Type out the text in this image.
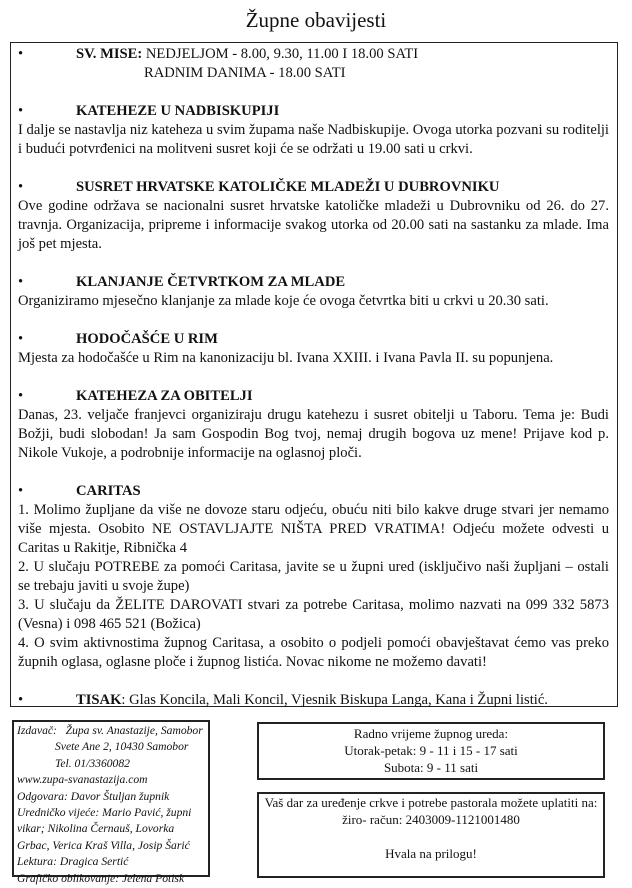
Župne obavijesti
•	SV. MISE: NEDJELJOM - 8.00, 9.30, 11.00 I 18.00 SATI
RADNIM DANIMA - 18.00 SATI
•	KATEHEZE U NADBISKUPIJI
I dalje se nastavlja niz kateheza u svim župama naše Nadbiskupije. Ovoga utorka pozvani su roditelji i budući potvrđenici na molitveni susret koji će se održati u 19.00 sati u crkvi.
•	SUSRET HRVATSKE KATOLIČKE MLADEŽI U DUBROVNIKU
Ove godine održava se nacionalni susret hrvatske katoličke mladeži u Dubrovniku od 26. do 27. travnja. Organizacija, pripreme i informacije svakog utorka od 20.00 sati na sastanku za mlade. Ima još pet mjesta.
•	KLANJANJE ČETVRTKOM ZA MLADE
Organiziramo mjesečno klanjanje za mlade koje će ovoga četvrtka biti u crkvi u 20.30 sati.
•	HODOČAŠĆE U RIM
Mjesta za hodočašće u Rim na kanonizaciju bl. Ivana XXIII. i Ivana Pavla II. su popunjena.
•	KATEHEZA ZA OBITELJI
Danas, 23. veljače franjevci organiziraju drugu katehezu i susret obitelji u Taboru. Tema je: Budi Božji, budi slobodan! Ja sam Gospodin Bog tvoj, nemaj drugih bogova uz mene! Prijave kod p. Nikole Vukoje, a podrobnije informacije na oglasnoj ploči.
•	CARITAS
1. Molimo župljane da više ne dovoze staru odjeću, obuću niti bilo kakve druge stvari jer nemamo više mjesta. Osobito NE OSTAVLJAJTE NIŠTA PRED VRATIMA! Odjeću možete odvesti u Caritas u Rakitje, Ribnička 4
2. U slučaju POTREBE za pomoći Caritasa, javite se u župni ured (isključivo naši župljani – ostali se trebaju javiti u svoje župe)
3. U slučaju da ŽELITE DAROVATI stvari za potrebe Caritasa, molimo nazvati na 099 332 5873 (Vesna) i 098 465 521 (Božica)
4. O svim aktivnostima župnog Caritasa, a osobito o podjeli pomoći obavještavat ćemo vas preko župnih oglasa, oglasne ploče i župnog listića. Novac nikome ne možemo davati!
•	TISAK: Glas Koncila, Mali Koncil, Vjesnik Biskupa Langa, Kana i Župni listić.
Izdavač: Župa sv. Anastazije, Samobor
Svete Ane 2, 10430 Samobor
Tel. 01/3360082
www.zupa-svanastazija.com
Odgovara: Davor Štuljan župnik
Uredničko vijeće: Mario Pavić, župni vikar; Nikolina Černauš, Lovorka Grbac, Verica Kraš Villa, Josip Šarić
Lektura: Dragica Sertić
Grafičko oblikovanje: Jelena Potisk
Radno vrijeme župnog ureda:
Utorak-petak: 9 - 11 i 15 - 17 sati
Subota: 9 - 11 sati
Vaš dar za uređenje crkve i potrebe pastorala možete uplatiti na:
žiro- račun: 2403009-1121001480
Hvala na prilogu!
